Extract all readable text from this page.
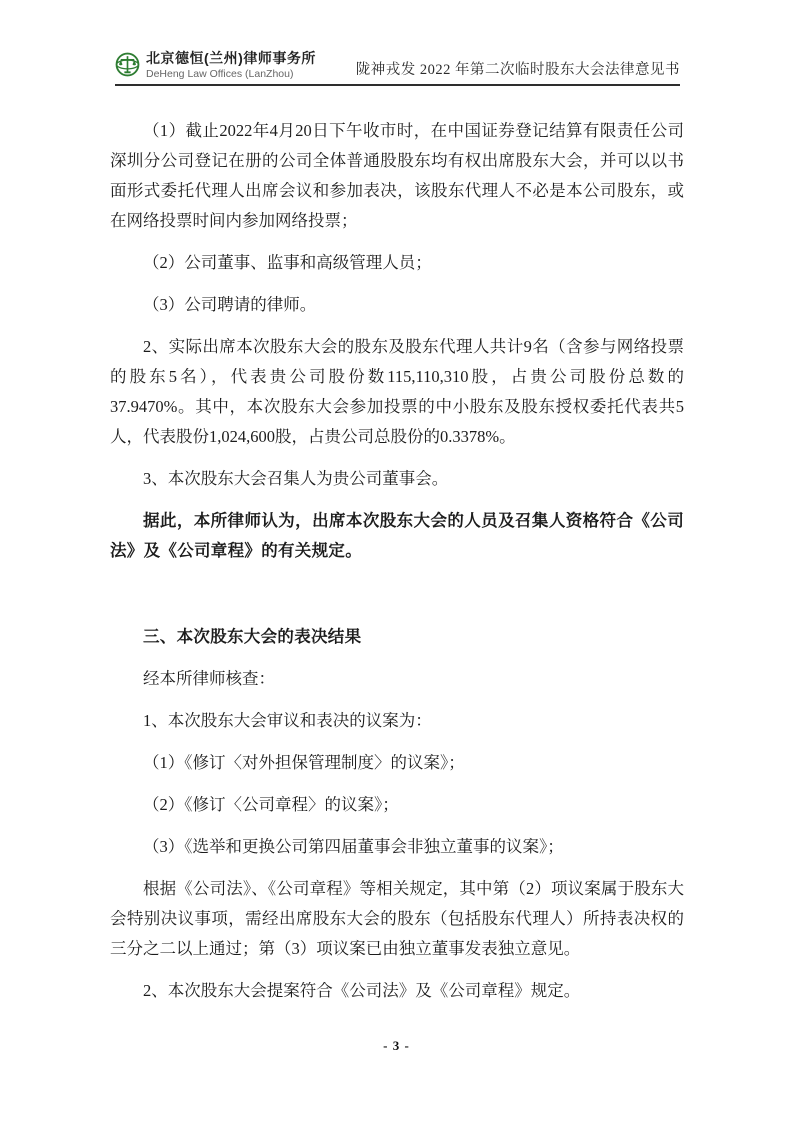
北京德恒(兰州)律师事务所
DeHeng Law Offices (LanZhou)	陇神戎发 2022 年第二次临时股东大会法律意见书

（1）截止2022年4月20日下午收市时，在中国证券登记结算有限责任公司深圳分公司登记在册的公司全体普通股股东均有权出席股东大会，并可以以书面形式委托代理人出席会议和参加表决，该股东代理人不必是本公司股东，或在网络投票时间内参加网络投票；

（2）公司董事、监事和高级管理人员；

（3）公司聘请的律师。

2、实际出席本次股东大会的股东及股东代理人共计9名（含参与网络投票的股东5名），代表贵公司股份数115,110,310股，占贵公司股份总数的37.9470%。其中，本次股东大会参加投票的中小股东及股东授权委托代表共5人，代表股份1,024,600股，占贵公司总股份的0.3378%。

3、本次股东大会召集人为贵公司董事会。

据此，本所律师认为，出席本次股东大会的人员及召集人资格符合《公司法》及《公司章程》的有关规定。

三、本次股东大会的表决结果

经本所律师核查：

1、本次股东大会审议和表决的议案为：

（1）《修订〈对外担保管理制度〉的议案》；

（2）《修订〈公司章程〉的议案》；

（3）《选举和更换公司第四届董事会非独立董事的议案》；

根据《公司法》、《公司章程》等相关规定，其中第（2）项议案属于股东大会特别决议事项，需经出席股东大会的股东（包括股东代理人）所持表决权的三分之二以上通过；第（3）项议案已由独立董事发表独立意见。

2、本次股东大会提案符合《公司法》及《公司章程》规定。

- 3 -
